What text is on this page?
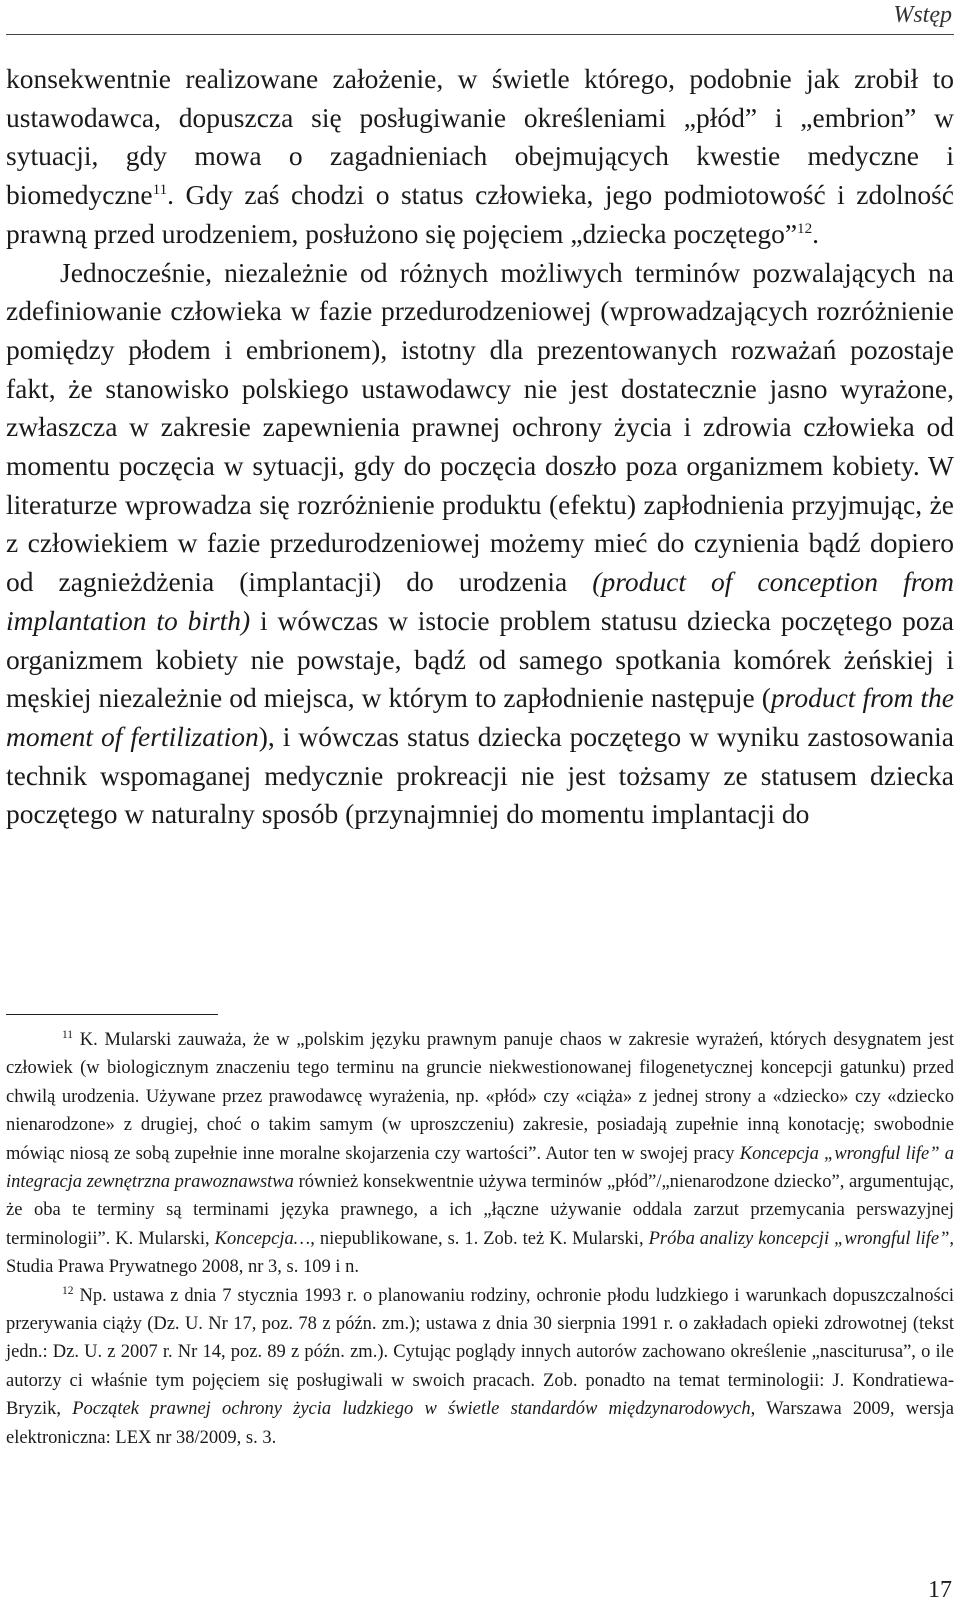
Wstęp

konsekwentnie realizowane założenie, w świetle którego, podobnie jak zrobił to ustawodawca, dopuszcza się posługiwanie określeniami „płód” i „embrion” w sytuacji, gdy mowa o zagadnieniach obejmujących kwestie medyczne i biomedyczne$^{11}$. Gdy zaś chodzi o status człowieka, jego podmiotowość i zdolność prawną przed urodzeniem, posłużono się pojęciem „dziecka poczętego”$^{12}$.

Jednocześnie, niezależnie od różnych możliwych terminów pozwalających na zdefiniowanie człowieka w fazie przedurodzeniowej (wprowadzających rozróżnienie pomiędzy płodem i embrionem), istotny dla prezentowanych rozważań pozostaje fakt, że stanowisko polskiego ustawodawcy nie jest dostatecznie jasno wyrażone, zwłaszcza w zakresie zapewnienia prawnej ochrony życia i zdrowia człowieka od momentu poczęcia w sytuacji, gdy do poczęcia doszło poza organizmem kobiety. W literaturze wprowadza się rozróżnienie produktu (efektu) zapłodnienia przyjmując, że z człowiekiem w fazie przedurodzeniowej możemy mieć do czynienia bądź dopiero od zagnieżdżenia (implantacji) do urodzenia (product of conception from implantation to birth) i wówczas w istocie problem statusu dziecka poczętego poza organizmem kobiety nie powstaje, bądź od samego spotkania komórek żeńskiej i męskiej niezależnie od miejsca, w którym to zapłodnienie następuje (product from the moment of fertilization), i wówczas status dziecka poczętego w wyniku zastosowania technik wspomaganej medycznie prokreacji nie jest tożsamy ze statusem dziecka poczętego w naturalny sposób (przynajmniej do momentu implantacji do

$^{11}$ K. Mularski zauważa, że w „polskim języku prawnym panuje chaos w zakresie wyrażeń, których desygnatem jest człowiek (w biologicznym znaczeniu tego terminu na gruncie niekwestionowanej filogenetycznej koncepcji gatunku) przed chwilą urodzenia. Używane przez prawodawcę wyrażenia, np. «płód» czy «ciąża» z jednej strony a «dziecko» czy «dziecko nienarodzone» z drugiej, choć o takim samym (w uproszczeniu) zakresie, posiadają zupełnie inną konotację; swobodnie mówiąc niosą ze sobą zupełnie inne moralne skojarzenia czy wartości”. Autor ten w swojej pracy Koncepcja „wrongful life” a integracja zewnętrzna prawoznawstwa również konsekwentnie używa terminów „płód”/„nienarodzone dziecko”, argumentując, że oba te terminy są terminami języka prawnego, a ich „łączne używanie oddala zarzut przemycania perswazyjnej terminologii”. K. Mularski, Koncepcja…, niepublikowane, s. 1. Zob. też K. Mularski, Próba analizy koncepcji „wrongful life”, Studia Prawa Prywatnego 2008, nr 3, s. 109 i n.

$^{12}$ Np. ustawa z dnia 7 stycznia 1993 r. o planowaniu rodziny, ochronie płodu ludzkiego i warunkach dopuszczalności przerywania ciąży (Dz. U. Nr 17, poz. 78 z późn. zm.); ustawa z dnia 30 sierpnia 1991 r. o zakładach opieki zdrowotnej (tekst jedn.: Dz. U. z 2007 r. Nr 14, poz. 89 z późn. zm.). Cytując poglądy innych autorów zachowano określenie „nasciturusa”, o ile autorzy ci właśnie tym pojęciem się posługiwali w swoich pracach. Zob. ponadto na temat terminologii: J. Kondratiewa-Bryzik, Początek prawnej ochrony życia ludzkiego w świetle standardów międzynarodowych, Warszawa 2009, wersja elektroniczna: LEX nr 38/2009, s. 3.

17
